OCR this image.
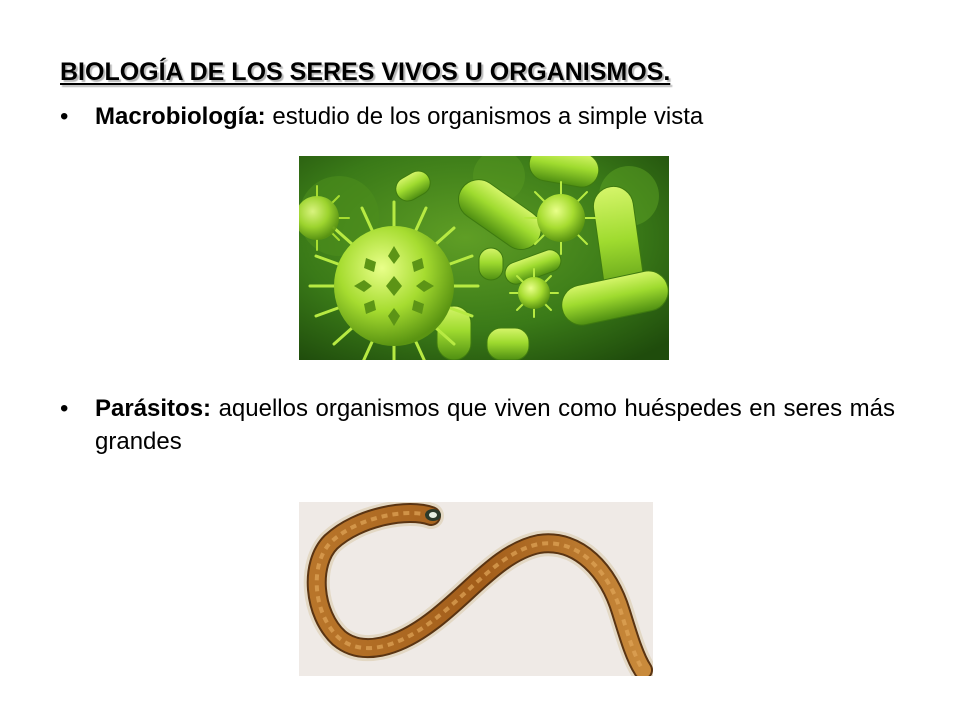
BIOLOGÍA DE LOS SERES VIVOS U ORGANISMOS.
•	Macrobiología: estudio de los organismos a simple vista
•	Parásitos: aquellos organismos que viven como huéspedes en seres más grandes
